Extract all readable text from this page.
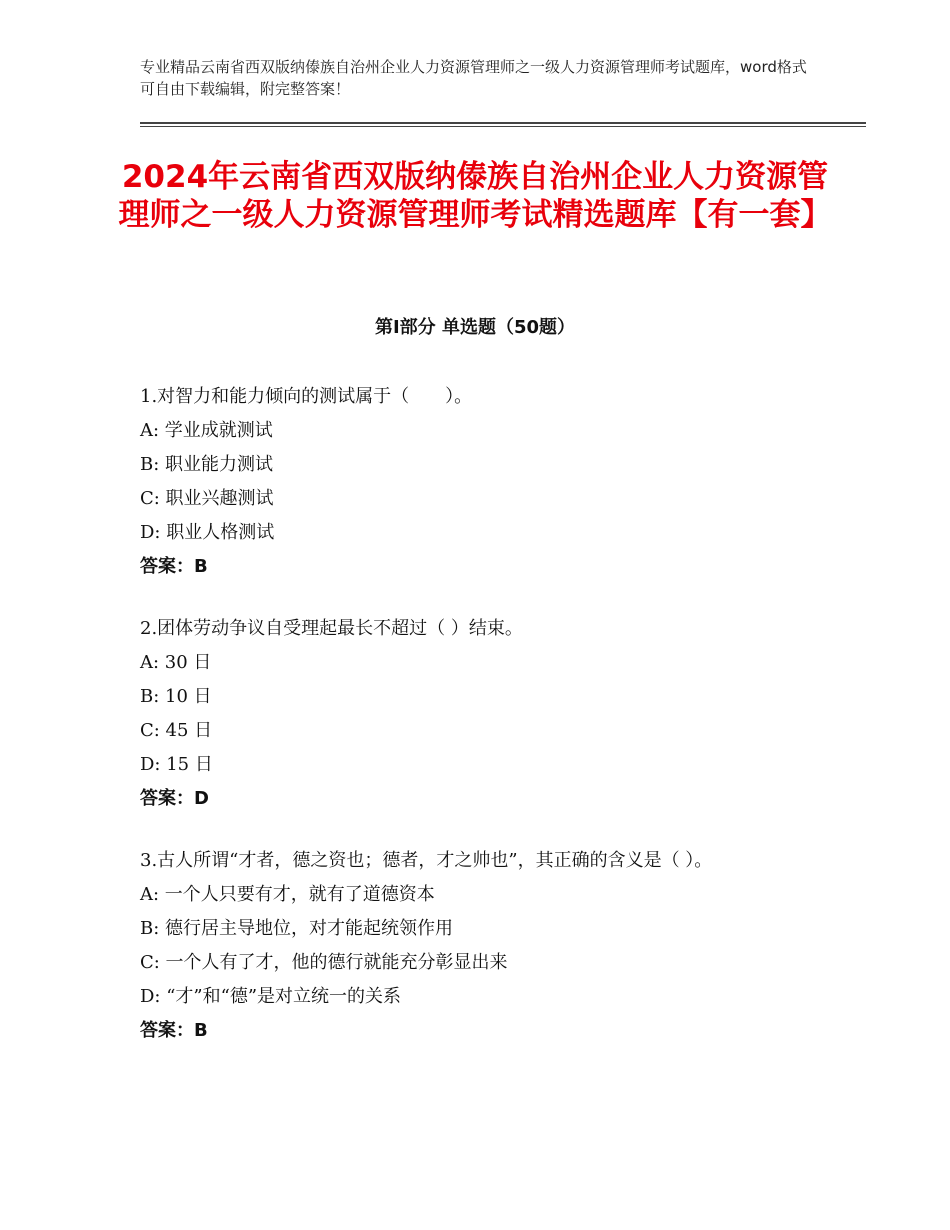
专业精品云南省西双版纳傣族自治州企业人力资源管理师之一级人力资源管理师考试题库，word格式可自由下载编辑，附完整答案！
2024年云南省西双版纳傣族自治州企业人力资源管理师之一级人力资源管理师考试精选题库【有一套】
第Ⅰ部分 单选题（50题）
1.对智力和能力倾向的测试属于（　　）。
A: 学业成就测试
B: 职业能力测试
C: 职业兴趣测试
D: 职业人格测试
答案：B
2.团体劳动争议自受理起最长不超过（ ）结束。
A: 30 日
B: 10 日
C: 45 日
D: 15 日
答案：D
3.古人所谓“才者，德之资也；德者，才之帅也”，其正确的含义是（ ）。
A: 一个人只要有才，就有了道德资本
B: 德行居主导地位，对才能起统领作用
C: 一个人有了才，他的德行就能充分彰显出来
D: “才”和“德”是对立统一的关系
答案：B
